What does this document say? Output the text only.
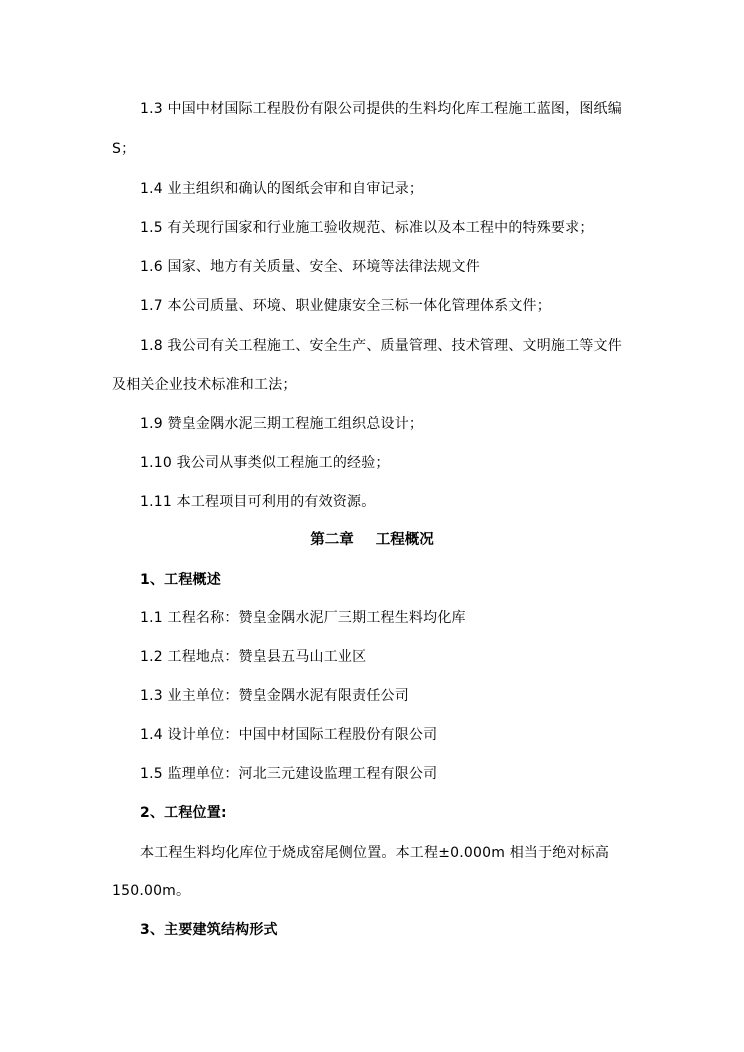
1.3 中国中材国际工程股份有限公司提供的生料均化库工程施工蓝图，图纸编
S；
1.4 业主组织和确认的图纸会审和自审记录；
1.5 有关现行国家和行业施工验收规范、标准以及本工程中的特殊要求；
1.6 国家、地方有关质量、安全、环境等法律法规文件
1.7 本公司质量、环境、职业健康安全三标一体化管理体系文件；
1.8 我公司有关工程施工、安全生产、质量管理、技术管理、文明施工等文件
及相关企业技术标准和工法；
1.9 赞皇金隅水泥三期工程施工组织总设计；
1.10 我公司从事类似工程施工的经验；
1.11 本工程项目可利用的有效资源。
第二章 工程概况
1、工程概述
1.1 工程名称：赞皇金隅水泥厂三期工程生料均化库
1.2 工程地点：赞皇县五马山工业区
1.3 业主单位：赞皇金隅水泥有限责任公司
1.4 设计单位：中国中材国际工程股份有限公司
1.5 监理单位：河北三元建设监理工程有限公司
2、工程位置:
本工程生料均化库位于烧成窑尾侧位置。本工程±0.000m 相当于绝对标高
150.00m。
3、主要建筑结构形式
